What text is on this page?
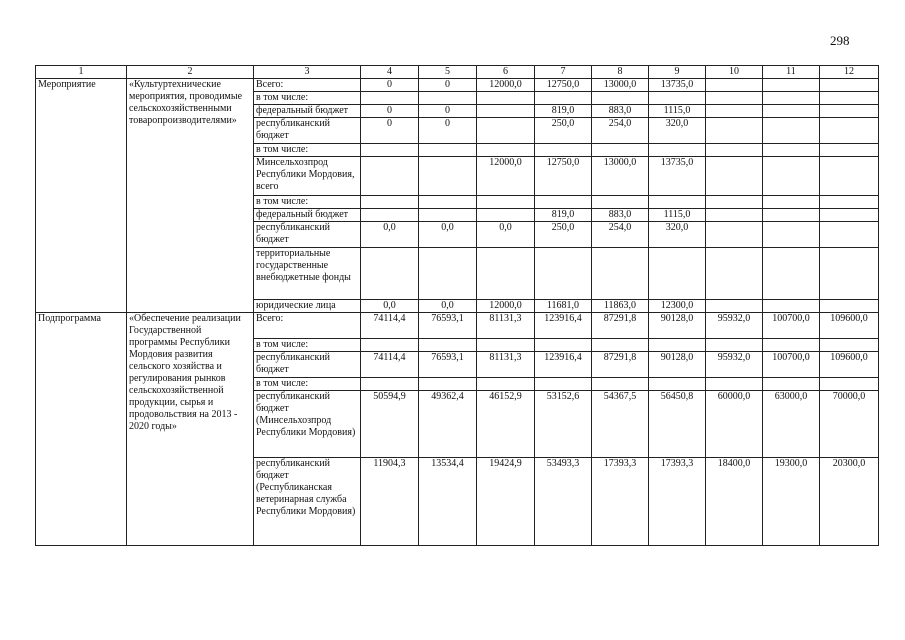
298
1	2	3	4	5	6	7	8	9	10	11	12
Мероприятие	«Культуртехнические мероприятия, проводимые сельскохозяйственными товаропроизводителями»	Всего:	0	0	12000,0	12750,0	13000,0	13735,0			
		в том числе:									
		федеральный бюджет	0	0		819,0	883,0	1115,0			
		республиканский бюджет	0	0		250,0	254,0	320,0			
		в том числе:									
		Минсельхозпрод Республики Мордовия, всего			12000,0	12750,0	13000,0	13735,0			
		в том числе:									
		федеральный бюджет				819,0	883,0	1115,0			
		республиканский бюджет	0,0	0,0	0,0	250,0	254,0	320,0			
		территориальные государственные внебюджетные фонды									
		юридические лица	0,0	0,0	12000,0	11681,0	11863,0	12300,0			
Подпрограмма	«Обеспечение реализации Государственной программы Республики Мордовия развития сельского хозяйства и регулирования рынков сельскохозяйственной продукции, сырья и продовольствия на 2013 - 2020 годы»	Всего:	74114,4	76593,1	81131,3	123916,4	87291,8	90128,0	95932,0	100700,0	109600,0
		в том числе:									
		республиканский бюджет	74114,4	76593,1	81131,3	123916,4	87291,8	90128,0	95932,0	100700,0	109600,0
		в том числе:									
		республиканский бюджет (Минсельхозпрод Республики Мордовия)	50594,9	49362,4	46152,9	53152,6	54367,5	56450,8	60000,0	63000,0	70000,0
		республиканский бюджет (Республиканская ветеринарная служба Республики Мордовия)	11904,3	13534,4	19424,9	53493,3	17393,3	17393,3	18400,0	19300,0	20300,0
